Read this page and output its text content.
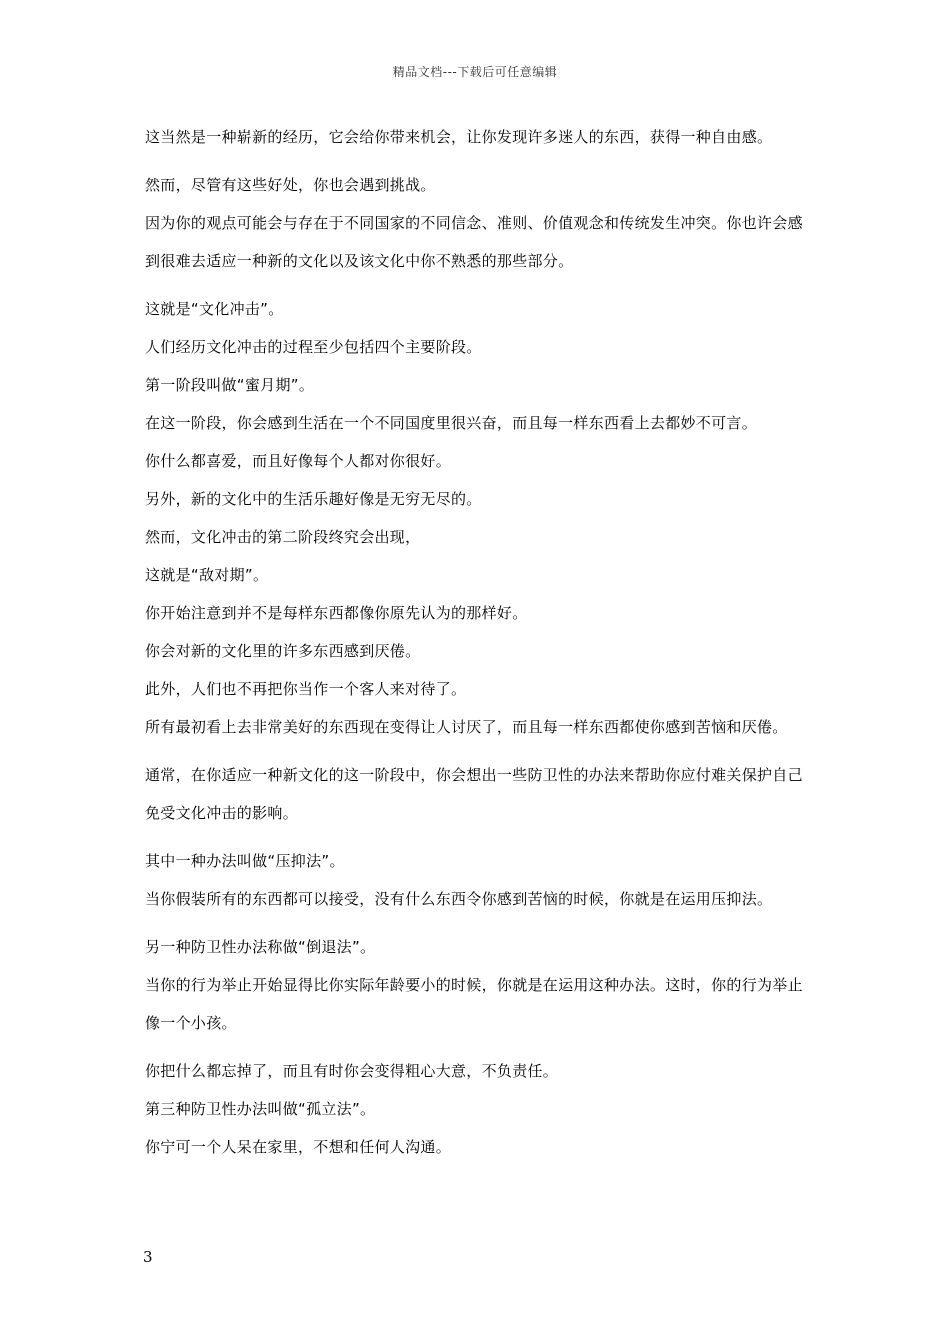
精品文档---下载后可任意编辑

这当然是一种崭新的经历，它会给你带来机会，让你发现许多迷人的东西，获得一种自由感。

然而，尽管有这些好处，你也会遇到挑战。

因为你的观点可能会与存在于不同国家的不同信念、准则、价值观念和传统发生冲突。你也许会感到很难去适应一种新的文化以及该文化中你不熟悉的那些部分。

这就是“文化冲击”。

人们经历文化冲击的过程至少包括四个主要阶段。

第一阶段叫做“蜜月期”。

在这一阶段，你会感到生活在一个不同国度里很兴奋，而且每一样东西看上去都妙不可言。

你什么都喜爱，而且好像每个人都对你很好。

另外，新的文化中的生活乐趣好像是无穷无尽的。

然而，文化冲击的第二阶段终究会出现，

这就是“敌对期”。

你开始注意到并不是每样东西都像你原先认为的那样好。

你会对新的文化里的许多东西感到厌倦。

此外，人们也不再把你当作一个客人来对待了。

所有最初看上去非常美好的东西现在变得让人讨厌了，而且每一样东西都使你感到苦恼和厌倦。

通常，在你适应一种新文化的这一阶段中，你会想出一些防卫性的办法来帮助你应付难关保护自己免受文化冲击的影响。

其中一种办法叫做“压抑法”。

当你假装所有的东西都可以接受，没有什么东西令你感到苦恼的时候，你就是在运用压抑法。

另一种防卫性办法称做“倒退法”。

当你的行为举止开始显得比你实际年龄要小的时候，你就是在运用这种办法。这时，你的行为举止像一个小孩。

你把什么都忘掉了，而且有时你会变得粗心大意，不负责任。

第三种防卫性办法叫做“孤立法”。

你宁可一个人呆在家里，不想和任何人沟通。

3
